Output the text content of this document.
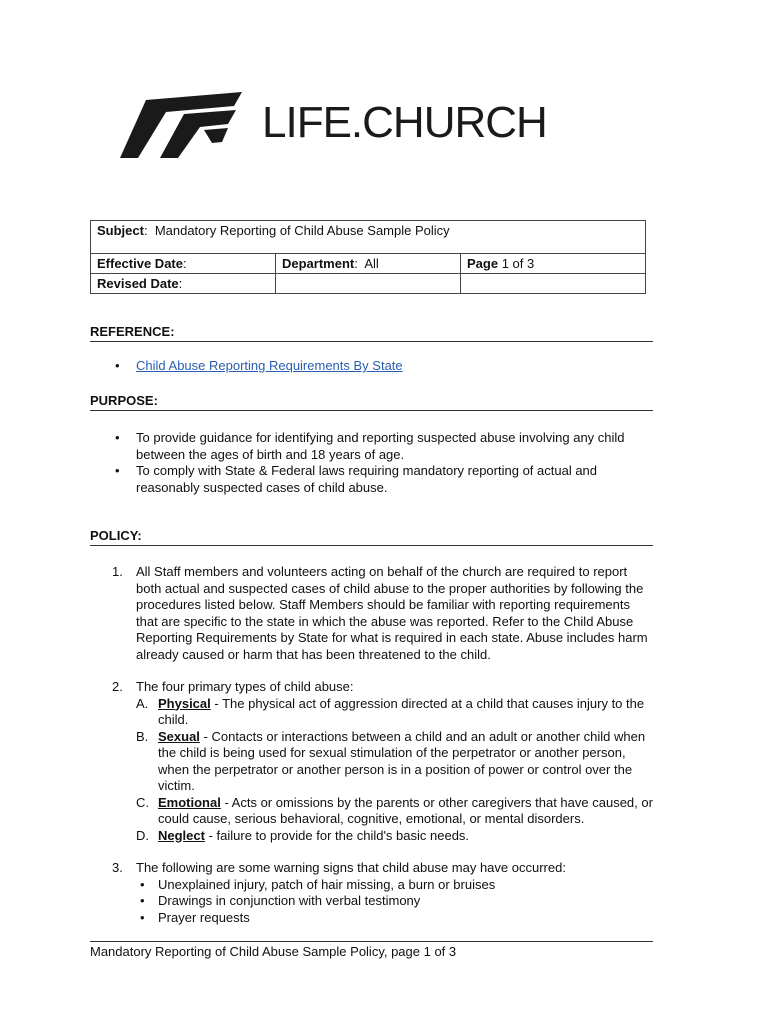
LIFE.CHURCH
Subject:  Mandatory Reporting of Child Abuse Sample Policy		
Effective Date:	Department:  All	Page 1 of 3
Revised Date:		
REFERENCE:
• Child Abuse Reporting Requirements By State
PURPOSE:
• To provide guidance for identifying and reporting suspected abuse involving any child between the ages of birth and 18 years of age.
• To comply with State & Federal laws requiring mandatory reporting of actual and reasonably suspected cases of child abuse.
POLICY:
1. All Staff members and volunteers acting on behalf of the church are required to report both actual and suspected cases of child abuse to the proper authorities by following the procedures listed below. Staff Members should be familiar with reporting requirements that are specific to the state in which the abuse was reported. Refer to the Child Abuse Reporting Requirements by State for what is required in each state. Abuse includes harm already caused or harm that has been threatened to the child.
2. The four primary types of child abuse:
A. Physical - The physical act of aggression directed at a child that causes injury to the child.
B. Sexual - Contacts or interactions between a child and an adult or another child when the child is being used for sexual stimulation of the perpetrator or another person, when the perpetrator or another person is in a position of power or control over the victim.
C. Emotional - Acts or omissions by the parents or other caregivers that have caused, or could cause, serious behavioral, cognitive, emotional, or mental disorders.
D. Neglect - failure to provide for the child's basic needs.
3. The following are some warning signs that child abuse may have occurred:
• Unexplained injury, patch of hair missing, a burn or bruises
• Drawings in conjunction with verbal testimony
• Prayer requests
Mandatory Reporting of Child Abuse Sample Policy, page 1 of 3
